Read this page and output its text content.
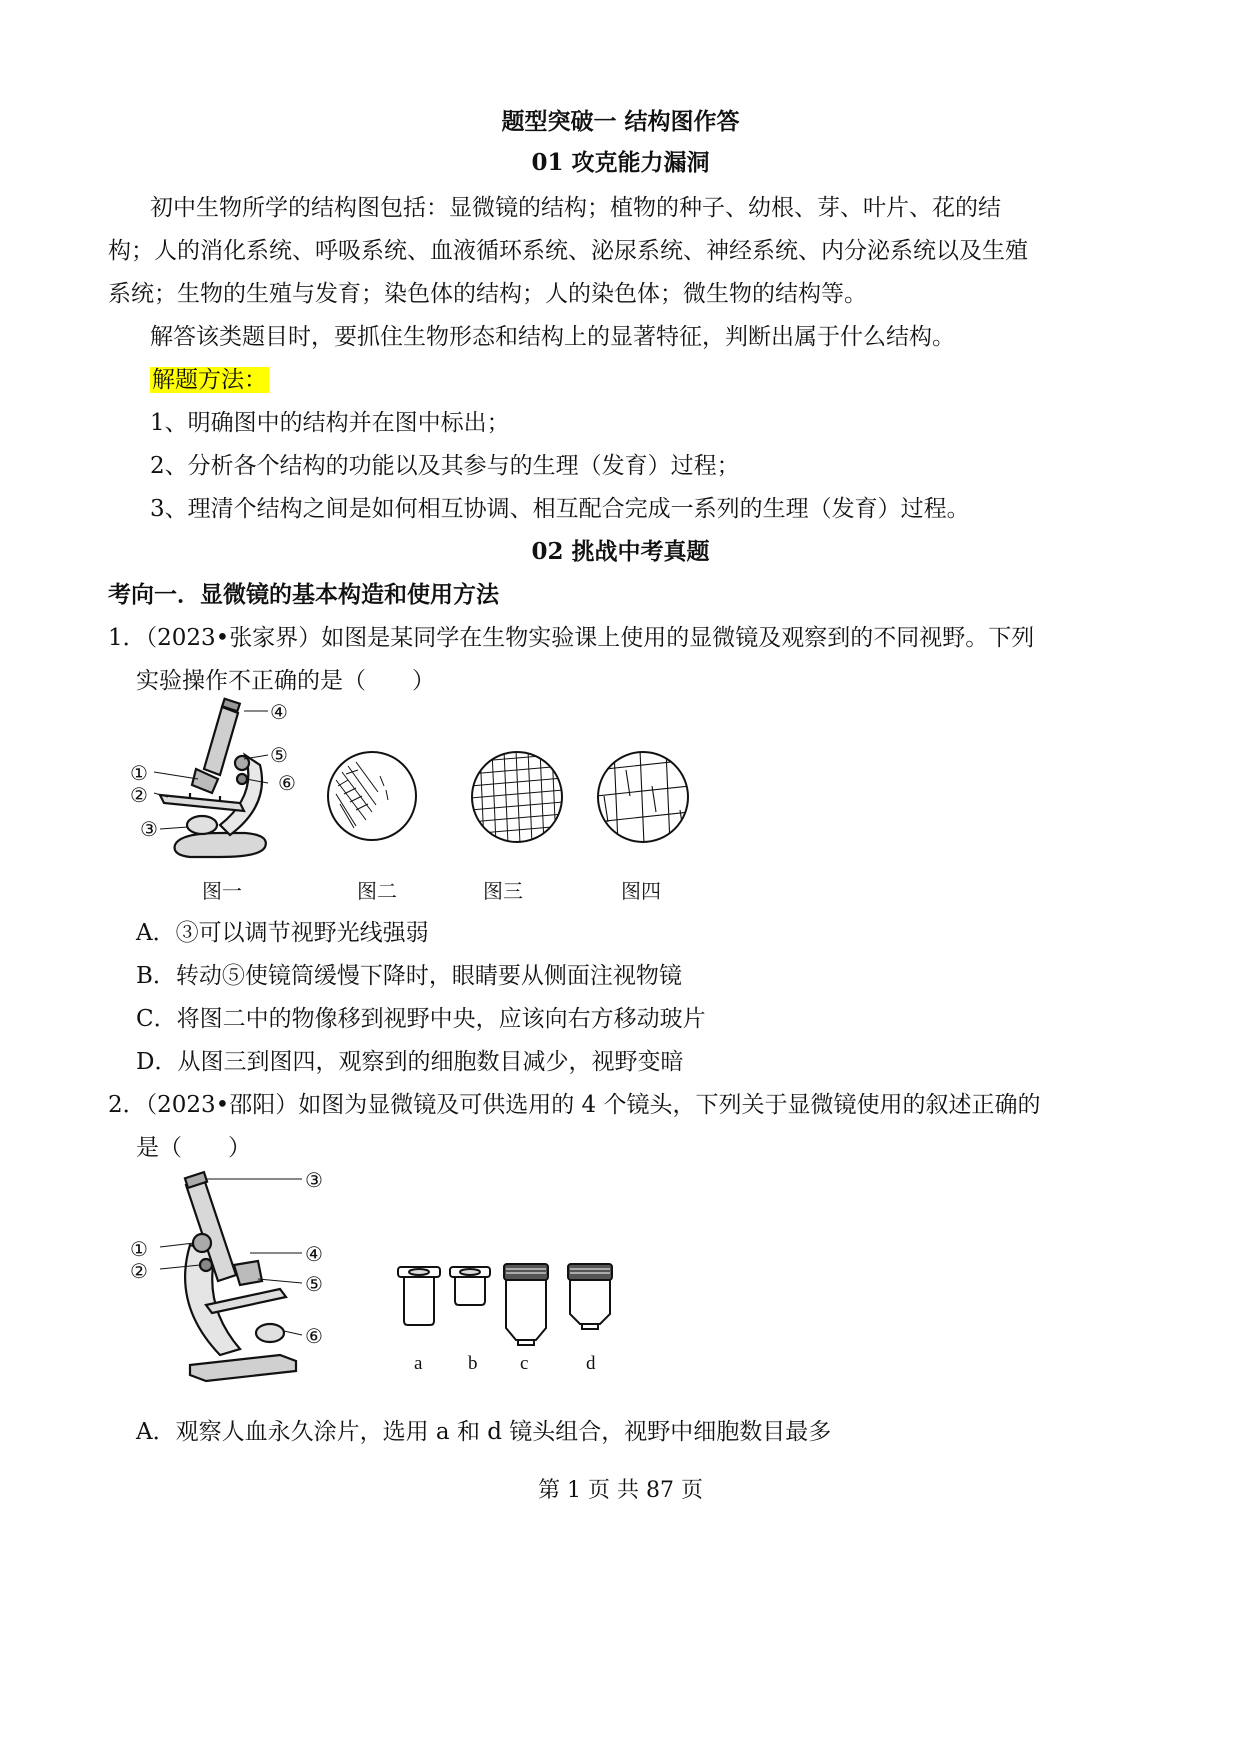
题型突破一 结构图作答
01 攻克能力漏洞
初中生物所学的结构图包括：显微镜的结构；植物的种子、幼根、芽、叶片、花的结
构；人的消化系统、呼吸系统、血液循环系统、泌尿系统、神经系统、内分泌系统以及生殖
系统；生物的生殖与发育；染色体的结构；人的染色体；微生物的结构等。
解答该类题目时，要抓住生物形态和结构上的显著特征，判断出属于什么结构。
解题方法：
1、明确图中的结构并在图中标出；
2、分析各个结构的功能以及其参与的生理（发育）过程；
3、理清个结构之间是如何相互协调、相互配合完成一系列的生理（发育）过程。
02 挑战中考真题
考向一．显微镜的基本构造和使用方法
1．（2023•张家界）如图是某同学在生物实验课上使用的显微镜及观察到的不同视野。下列
实验操作不正确的是（　　）
①
②
③
④
⑤
⑥
图一	图二	图三	图四
A．③可以调节视野光线强弱
B．转动⑤使镜筒缓慢下降时，眼睛要从侧面注视物镜
C．将图二中的物像移到视野中央，应该向右方移动玻片
D．从图三到图四，观察到的细胞数目减少，视野变暗
2．（2023•邵阳）如图为显微镜及可供选用的 4 个镜头，下列关于显微镜使用的叙述正确的
是（　　）
①
②
③
④
⑤
⑥
a b c	d
A．观察人血永久涂片，选用 a 和 d 镜头组合，视野中细胞数目最多
第 1 页 共 87 页
